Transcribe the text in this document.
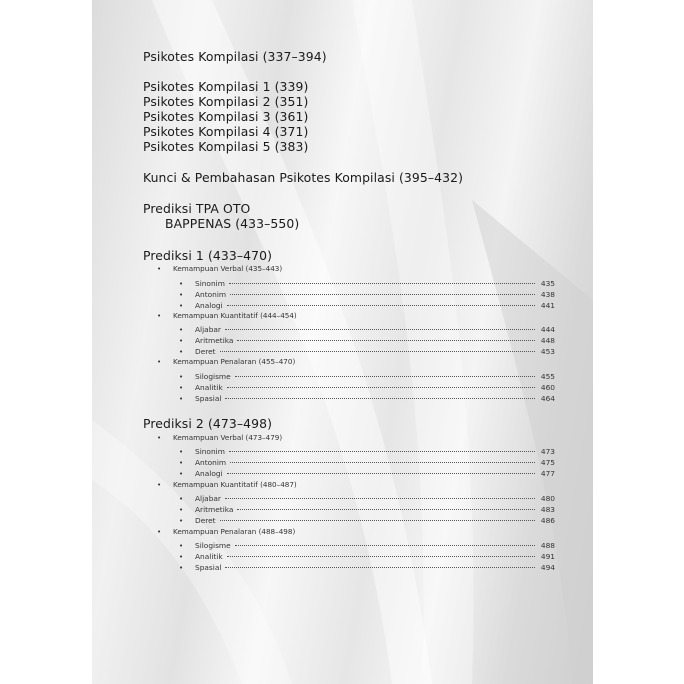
Psikotes Kompilasi (337–394)
Psikotes Kompilasi 1 (339)
Psikotes Kompilasi 2 (351)
Psikotes Kompilasi 3 (361)
Psikotes Kompilasi 4 (371)
Psikotes Kompilasi 5 (383)
Kunci & Pembahasan Psikotes Kompilasi (395–432)
Prediksi TPA OTO
BAPPENAS (433–550)
Prediksi 1 (433–470)
• Kemampuan Verbal (435–443)
•	Sinonim	435
•	Antonim	438
•	Analogi	441
• Kemampuan Kuantitatif (444–454)
•	Aljabar	444
•	Aritmetika	448
•	Deret	453
• Kemampuan Penalaran (455–470)
•	Silogisme	455
•	Analitik	460
•	Spasial	464
Prediksi 2 (473–498)
• Kemampuan Verbal (473–479)
•	Sinonim	473
•	Antonim	475
•	Analogi	477
• Kemampuan Kuantitatif (480–487)
•	Aljabar	480
•	Aritmetika	483
•	Deret	486
• Kemampuan Penalaran (488–498)
•	Silogisme	488
•	Analitik	491
•	Spasial	494
